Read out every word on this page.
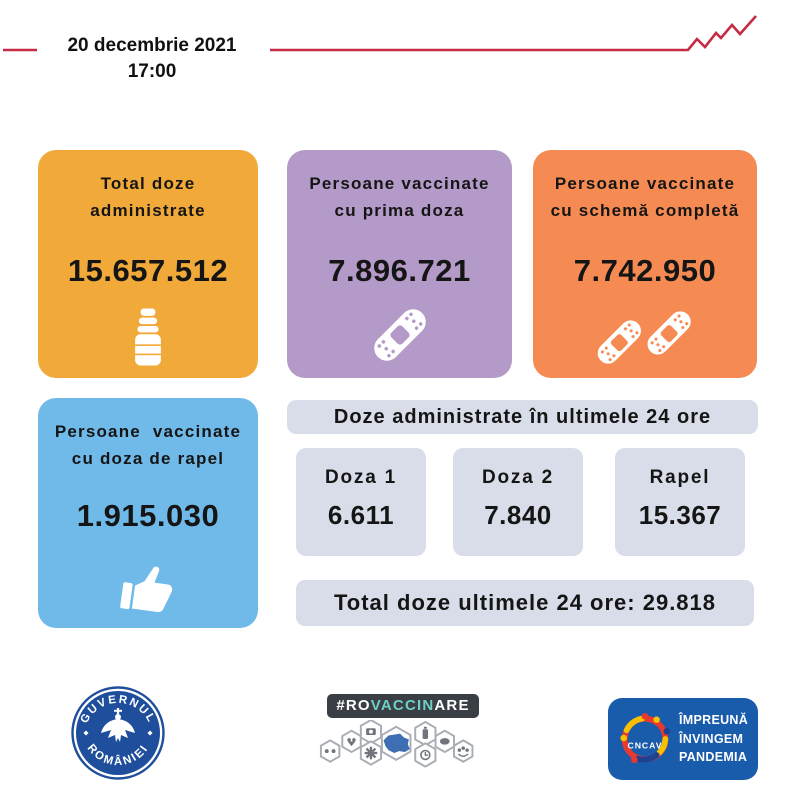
20 decembrie 2021
17:00
Total doze
administrate
15.657.512
Persoane vaccinate
cu prima doza
7.896.721
Persoane vaccinate
cu schemă completă
7.742.950
Persoane vaccinate
cu doza de rapel
1.915.030
Doze administrate în ultimele 24 ore
Doza 1
6.611
Doza 2
7.840
Rapel
15.367
Total doze ultimele 24 ore: 29.818
GUVERNUL
ROMÂNIEI
#ROVACCINARE
CNCAV
ÎMPREUNĂ
ÎNVINGEM
PANDEMIA
